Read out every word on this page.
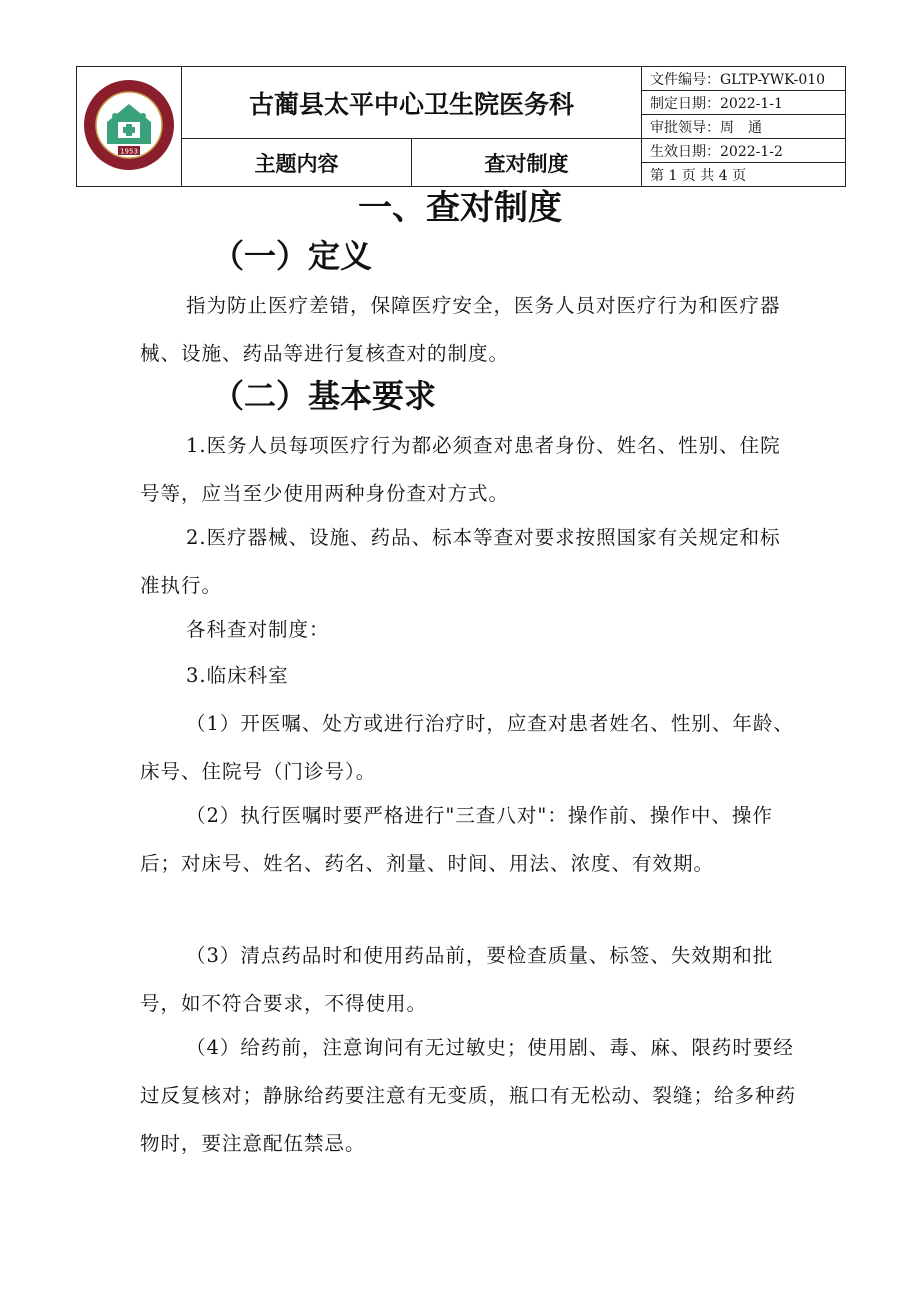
1953	古蔺县太平中心卫生院医务科		文件编号：GLTP-YWK-010
			制定日期：2022-1-1
			审批领导：周　通
	主题内容	查对制度	生效日期：2022-1-2
			第 1 页 共 4 页
一、查对制度
（一）定义
指为防止医疗差错，保障医疗安全，医务人员对医疗行为和医疗器械、设施、药品等进行复核查对的制度。
（二）基本要求
1.医务人员每项医疗行为都必须查对患者身份、姓名、性别、住院号等，应当至少使用两种身份查对方式。
2.医疗器械、设施、药品、标本等查对要求按照国家有关规定和标准执行。
各科查对制度：
3.临床科室
（1）开医嘱、处方或进行治疗时，应查对患者姓名、性别、年龄、床号、住院号（门诊号）。
（2）执行医嘱时要严格进行"三查八对"：操作前、操作中、操作后；对床号、姓名、药名、剂量、时间、用法、浓度、有效期。
（3）清点药品时和使用药品前，要检查质量、标签、失效期和批号，如不符合要求，不得使用。
（4）给药前，注意询问有无过敏史；使用剧、毒、麻、限药时要经过反复核对；静脉给药要注意有无变质，瓶口有无松动、裂缝；给多种药物时，要注意配伍禁忌。
